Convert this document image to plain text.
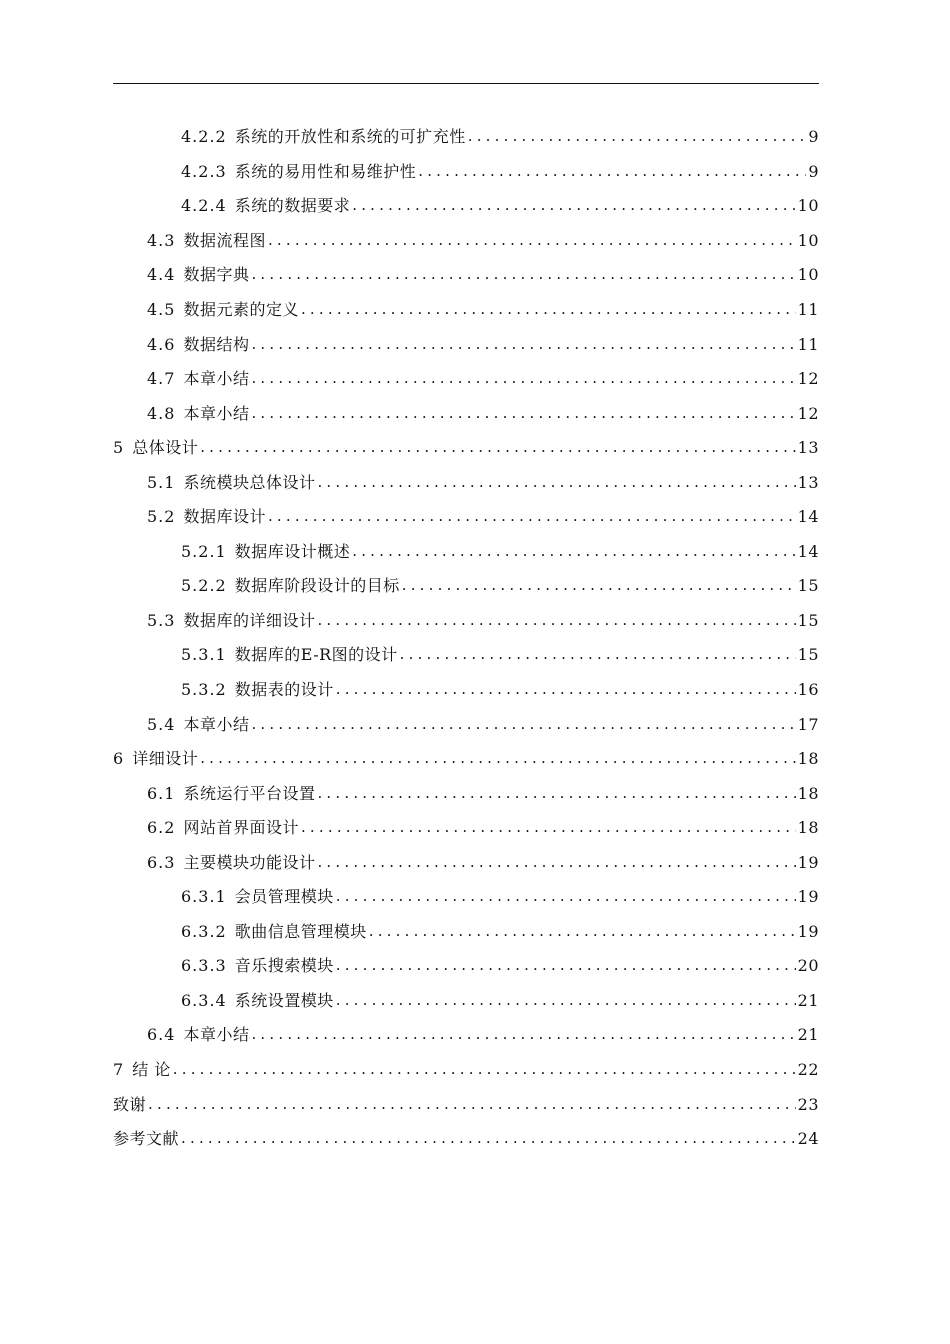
4.2.2 系统的开放性和系统的可扩充性 .....	9
4.2.3 系统的易用性和易维护性 .....	9
4.2.4 系统的数据要求 .....	10
4.3 数据流程图 .....	10
4.4 数据字典 .....	10
4.5 数据元素的定义 .....	11
4.6 数据结构 .....	11
4.7 本章小结 .....	12
4.8 本章小结 .....	12
5 总体设计 .....	13
5.1 系统模块总体设计 .....	13
5.2 数据库设计 .....	14
5.2.1 数据库设计概述 .....	14
5.2.2 数据库阶段设计的目标 .....	15
5.3 数据库的详细设计 .....	15
5.3.1 数据库的E-R图的设计 .....	15
5.3.2 数据表的设计 .....	16
5.4 本章小结 .....	17
6 详细设计 .....	18
6.1 系统运行平台设置 .....	18
6.2 网站首界面设计 .....	18
6.3 主要模块功能设计 .....	19
6.3.1 会员管理模块 .....	19
6.3.2 歌曲信息管理模块 .....	19
6.3.3 音乐搜索模块 .....	20
6.3.4 系统设置模块 .....	21
6.4 本章小结 .....	21
7 结 论 .....	22
致谢 .....	23
参考文献 .....	24
